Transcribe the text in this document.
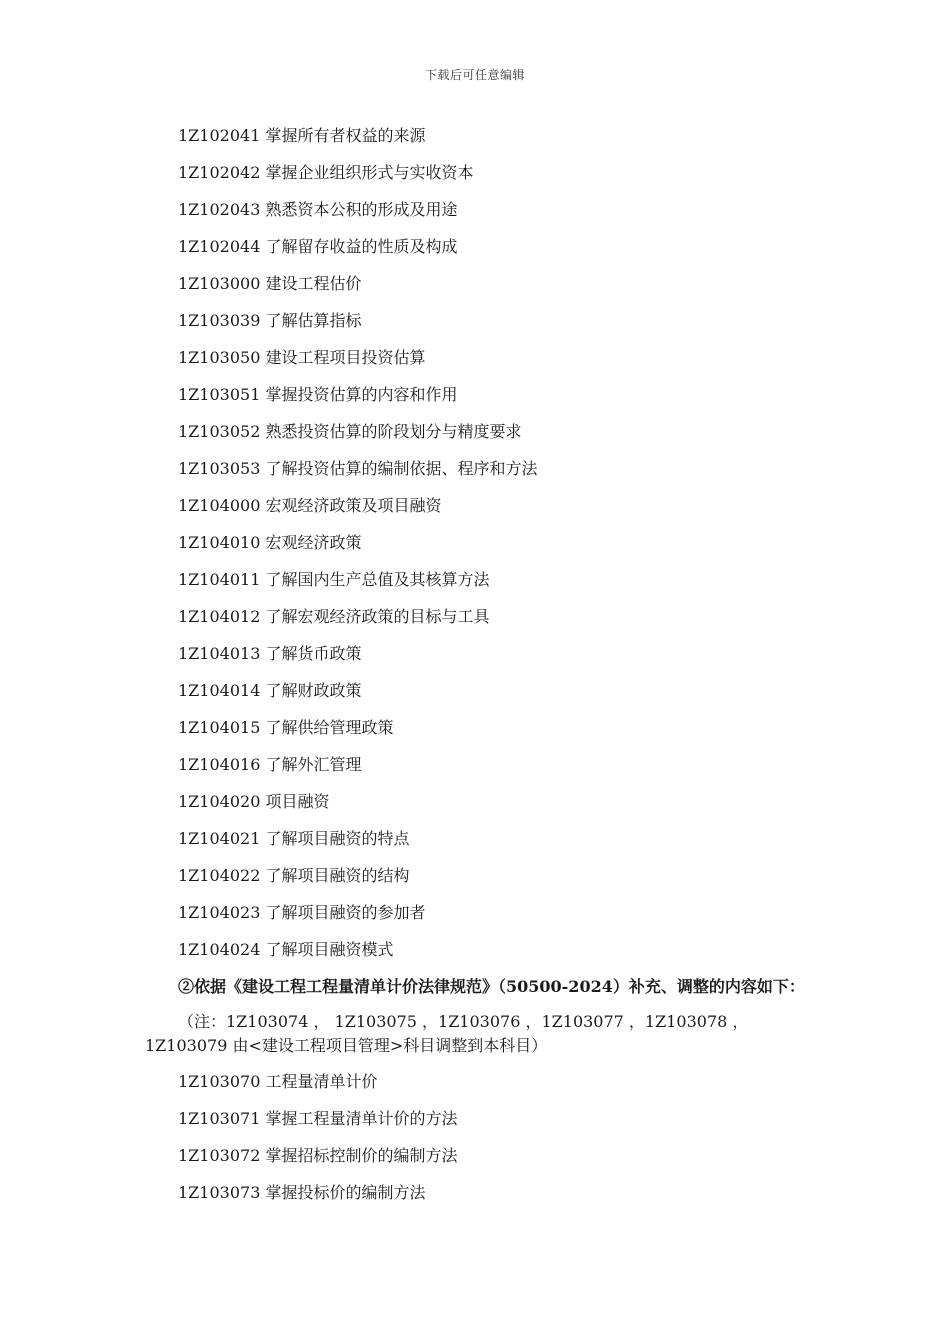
下载后可任意编辑
1Z102041 掌握所有者权益的来源
1Z102042 掌握企业组织形式与实收资本
1Z102043 熟悉资本公积的形成及用途
1Z102044 了解留存收益的性质及构成
1Z103000 建设工程估价
1Z103039 了解估算指标
1Z103050 建设工程项目投资估算
1Z103051 掌握投资估算的内容和作用
1Z103052 熟悉投资估算的阶段划分与精度要求
1Z103053 了解投资估算的编制依据、程序和方法
1Z104000 宏观经济政策及项目融资
1Z104010 宏观经济政策
1Z104011 了解国内生产总值及其核算方法
1Z104012 了解宏观经济政策的目标与工具
1Z104013 了解货币政策
1Z104014 了解财政政策
1Z104015 了解供给管理政策
1Z104016 了解外汇管理
1Z104020 项目融资
1Z104021 了解项目融资的特点
1Z104022 了解项目融资的结构
1Z104023 了解项目融资的参加者
1Z104024 了解项目融资模式
②依据《建设工程工程量清单计价法律规范》（50500-2024）补充、调整的内容如下：
（注：1Z103074 ， 1Z103075 ，1Z103076 ，1Z103077 ，1Z103078 ，1Z103079 由<建设工程项目管理>科目调整到本科目）
1Z103070 工程量清单计价
1Z103071 掌握工程量清单计价的方法
1Z103072 掌握招标控制价的编制方法
1Z103073 掌握投标价的编制方法
